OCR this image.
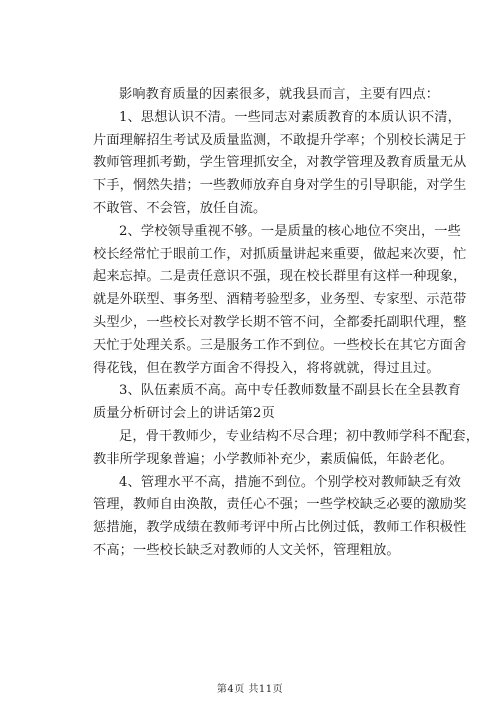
影响教育质量的因素很多，就我县而言，主要有四点：
1、思想认识不清。一些同志对素质教育的本质认识不清，
片面理解招生考试及质量监测，不敢提升学率；个别校长满足于
教师管理抓考勤，学生管理抓安全，对教学管理及教育质量无从
下手，惘然失措；一些教师放弃自身对学生的引导职能，对学生
不敢管、不会管，放任自流。
2、学校领导重视不够。一是质量的核心地位不突出，一些
校长经常忙于眼前工作，对抓质量讲起来重要，做起来次要，忙
起来忘掉。二是责任意识不强，现在校长群里有这样一种现象，
就是外联型、事务型、酒精考验型多，业务型、专家型、示范带
头型少，一些校长对教学长期不管不问，全都委托副职代理，整
天忙于处理关系。三是服务工作不到位。一些校长在其它方面舍
得花钱，但在教学方面舍不得投入，将将就就，得过且过。
3、队伍素质不高。高中专任教师数量不副县长在全县教育
质量分析研讨会上的讲话第2页
足，骨干教师少，专业结构不尽合理；初中教师学科不配套，
教非所学现象普遍；小学教师补充少，素质偏低，年龄老化。
4、管理水平不高，措施不到位。个别学校对教师缺乏有效
管理，教师自由涣散，责任心不强；一些学校缺乏必要的激励奖
惩措施，教学成绩在教师考评中所占比例过低，教师工作积极性
不高；一些校长缺乏对教师的人文关怀，管理粗放。
第4页 共11页
